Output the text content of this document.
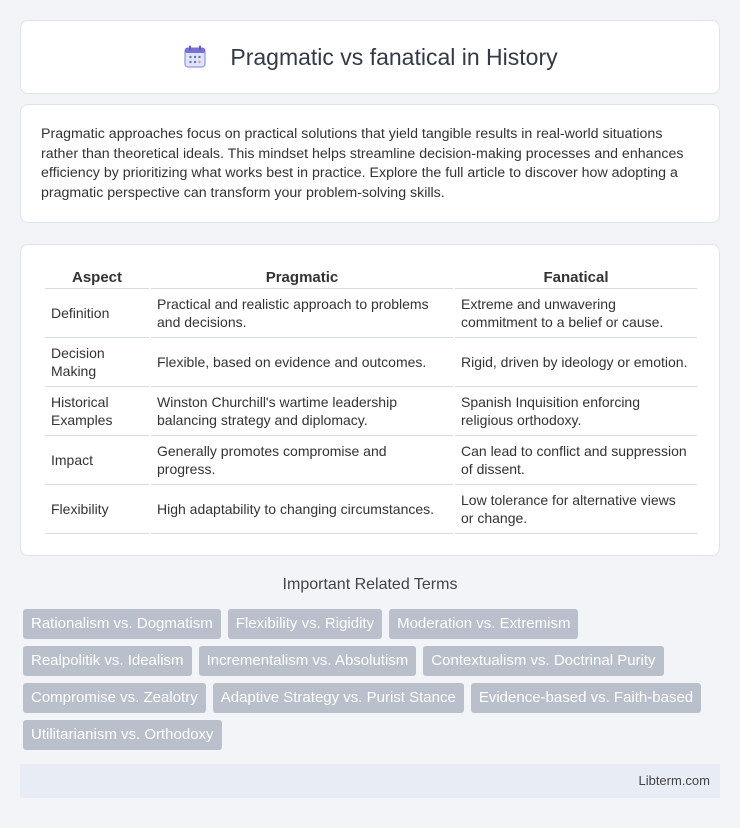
Pragmatic vs fanatical in History

Pragmatic approaches focus on practical solutions that yield tangible results in real-world situations rather than theoretical ideals. This mindset helps streamline decision-making processes and enhances efficiency by prioritizing what works best in practice. Explore the full article to discover how adopting a pragmatic perspective can transform your problem-solving skills.

Aspect	Pragmatic	Fanatical
Definition	Practical and realistic approach to problems and decisions.	Extreme and unwavering commitment to a belief or cause.
Decision Making	Flexible, based on evidence and outcomes.	Rigid, driven by ideology or emotion.
Historical Examples	Winston Churchill's wartime leadership balancing strategy and diplomacy.	Spanish Inquisition enforcing religious orthodoxy.
Impact	Generally promotes compromise and progress.	Can lead to conflict and suppression of dissent.
Flexibility	High adaptability to changing circumstances.	Low tolerance for alternative views or change.
Important Related Terms
Rationalism vs. Dogmatism	Flexibility vs. Rigidity	Moderation vs. Extremism
Realpolitik vs. Idealism	Incrementalism vs. Absolutism	Contextualism vs. Doctrinal Purity
Compromise vs. Zealotry	Adaptive Strategy vs. Purist Stance	Evidence-based vs. Faith-based
Utilitarianism vs. Orthodoxy
Libterm.com
